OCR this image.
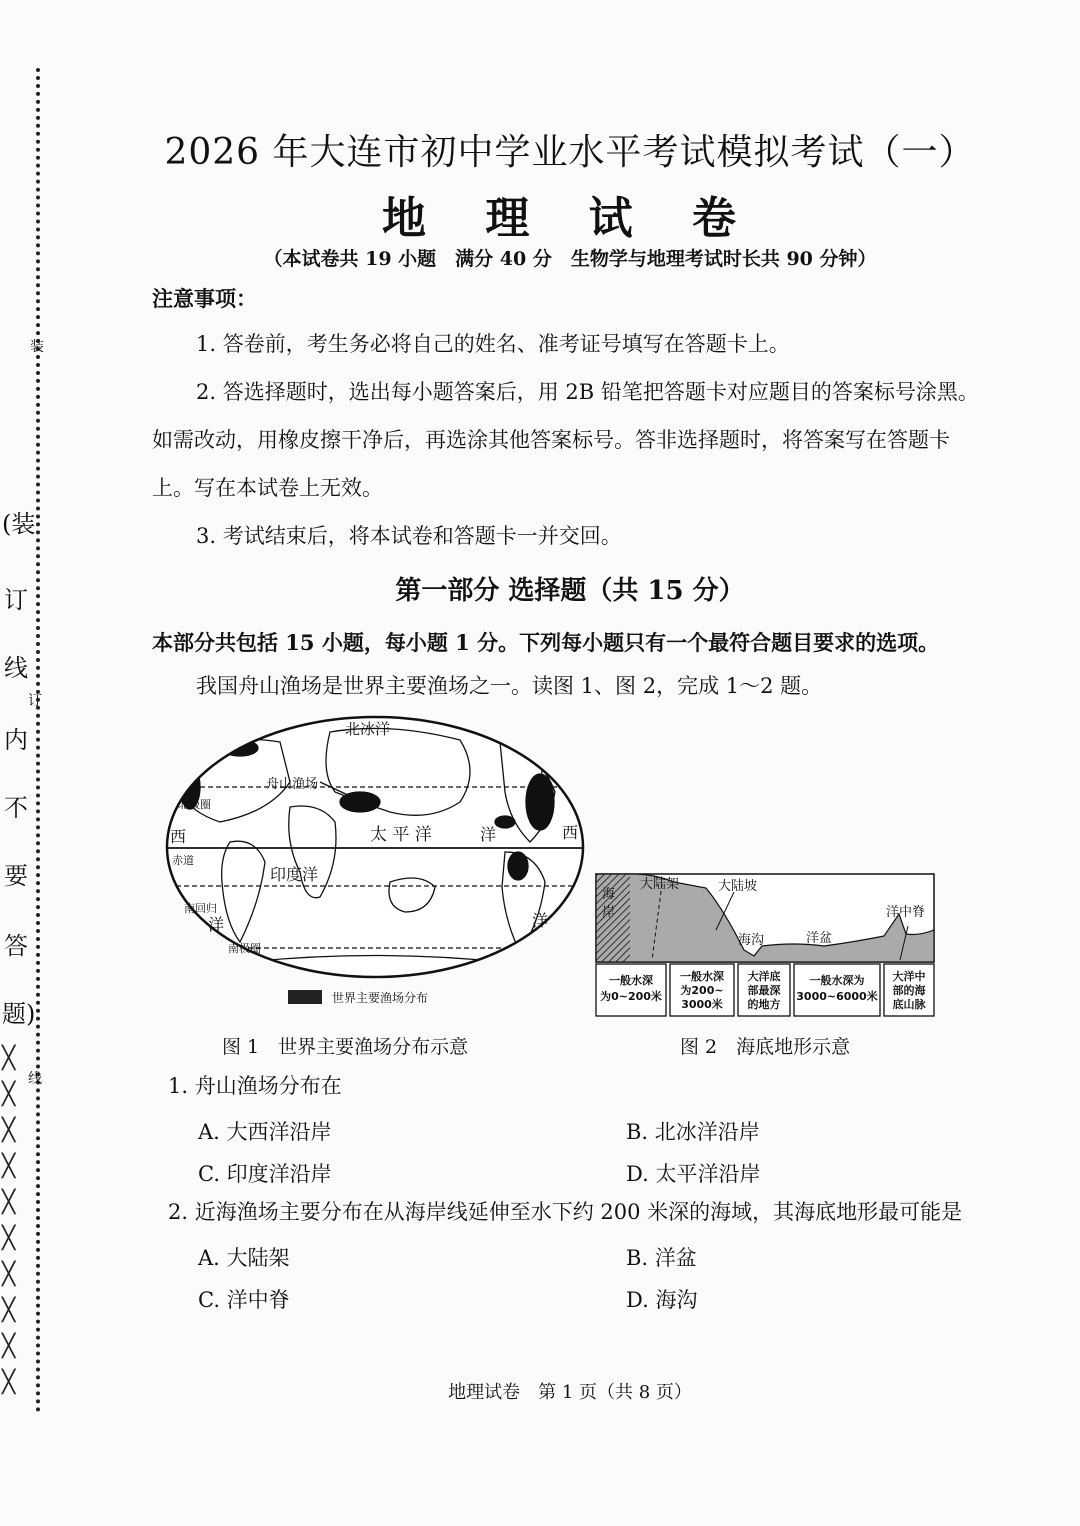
(装
订
线
内
不
要
答
题)
装
订
线
╳
╳
╳
╳
╳
╳
╳
╳
╳
╳
2026 年大连市初中学业水平考试模拟考试（一）
地 理 试 卷
（本试卷共 19 小题　满分 40 分　生物学与地理考试时长共 90 分钟）
注意事项：
1. 答卷前，考生务必将自己的姓名、准考证号填写在答题卡上。
2. 答选择题时，选出每小题答案后，用 2B 铅笔把答题卡对应题目的答案标号涂黑。
如需改动，用橡皮擦干净后，再选涂其他答案标号。答非选择题时，将答案写在答题卡
上。写在本试卷上无效。
3. 考试结束后，将本试卷和答题卡一并交回。
第一部分 选择题（共 15 分）
本部分共包括 15 小题，每小题 1 分。下列每小题只有一个最符合题目要求的选项。
我国舟山渔场是世界主要渔场之一。读图 1、图 2，完成 1～2 题。
北冰洋
舟山渔场
北极圈
太 平 洋
印度洋
赤道
南回归
南极圈
大
西	西
洋	洋
洋
世界主要渔场分布
海
岸
大陆架	大陆坡
海沟	洋盆
洋中脊
一般水深
为0~200米
一般水深
为200~
3000米
大洋底
部最深
的地方
一般水深为
3000~6000米
大洋中
部的海
底山脉
图 1　世界主要渔场分布示意	图 2　海底地形示意
1. 舟山渔场分布在
A. 大西洋沿岸	B. 北冰洋沿岸
C. 印度洋沿岸	D. 太平洋沿岸
2. 近海渔场主要分布在从海岸线延伸至水下约 200 米深的海域，其海底地形最可能是
A. 大陆架	B. 洋盆
C. 洋中脊	D. 海沟
地理试卷　第 1 页（共 8 页）
